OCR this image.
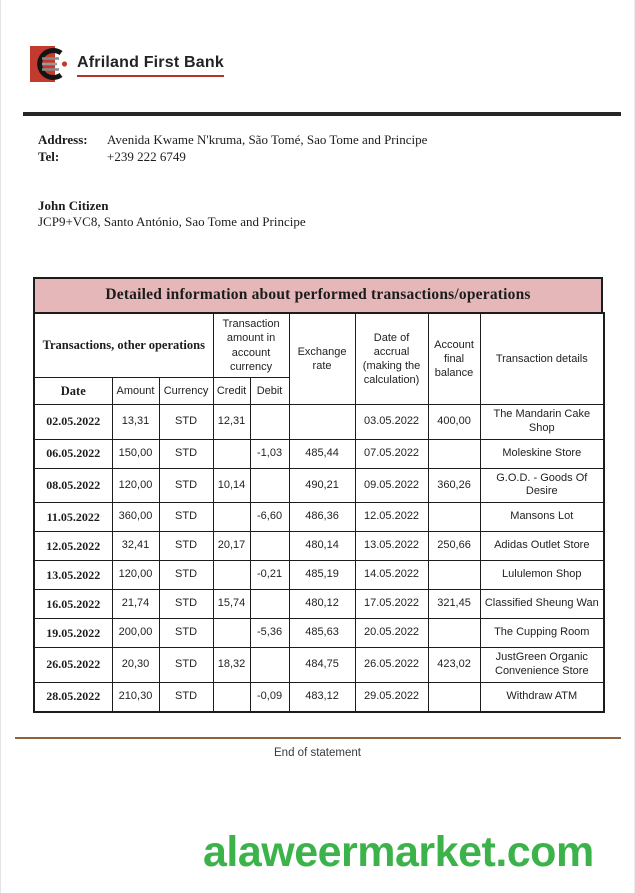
Afriland First Bank
Address:	Avenida Kwame N'kruma, São Tomé, Sao Tome and Principe
Tel:	+239 222 6749
John Citizen
JCP9+VC8, Santo António, Sao Tome and Principe
Detailed information about performed transactions/operations
Transactions, other operations			Transaction amount in account currency		Exchange rate	Date of accrual (making the calculation)	Account final balance	Transaction details
Date	Amount	Currency	Credit	Debit				
02.05.2022	13,31	STD	12,31			03.05.2022	400,00	The Mandarin Cake Shop
06.05.2022	150,00	STD		-1,03	485,44	07.05.2022		Moleskine Store
08.05.2022	120,00	STD	10,14		490,21	09.05.2022	360,26	G.O.D. - Goods Of Desire
11.05.2022	360,00	STD		-6,60	486,36	12.05.2022		Mansons Lot
12.05.2022	32,41	STD	20,17		480,14	13.05.2022	250,66	Adidas Outlet Store
13.05.2022	120,00	STD		-0,21	485,19	14.05.2022		Lululemon Shop
16.05.2022	21,74	STD	15,74		480,12	17.05.2022	321,45	Classified Sheung Wan
19.05.2022	200,00	STD		-5,36	485,63	20.05.2022		The Cupping Room
26.05.2022	20,30	STD	18,32		484,75	26.05.2022	423,02	JustGreen Organic Convenience Store
28.05.2022	210,30	STD		-0,09	483,12	29.05.2022		Withdraw ATM
End of statement
alaweermarket.com
